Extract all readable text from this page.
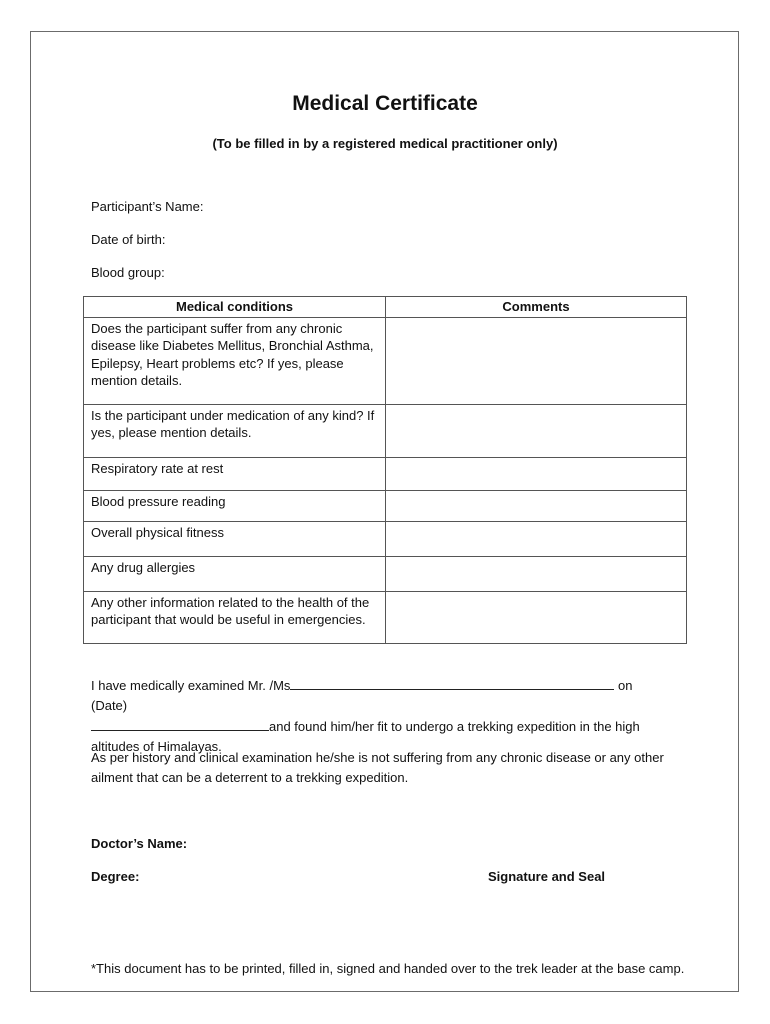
Medical Certificate
(To be filled in by a registered medical practitioner only)
Participant’s Name:
Date of birth:
Blood group:
Medical conditions	Comments
Does the participant suffer from any chronic disease like Diabetes Mellitus, Bronchial Asthma, Epilepsy, Heart problems etc? If yes, please mention details.	
Is the participant under medication of any kind? If yes, please mention details.	
Respiratory rate at rest	
Blood pressure reading	
Overall physical fitness	
Any drug allergies	
Any other information related to the health of the participant that would be useful in emergencies.	
I have medically examined Mr. /Ms	on (Date)
and found him/her fit to undergo a trekking expedition in the high altitudes of Himalayas.
As per history and clinical examination he/she is not suffering from any chronic disease or any other ailment that can be a deterrent to a trekking expedition.
Doctor’s Name:
Degree:	Signature and Seal
*This document has to be printed, filled in, signed and handed over to the trek leader at the base camp.
